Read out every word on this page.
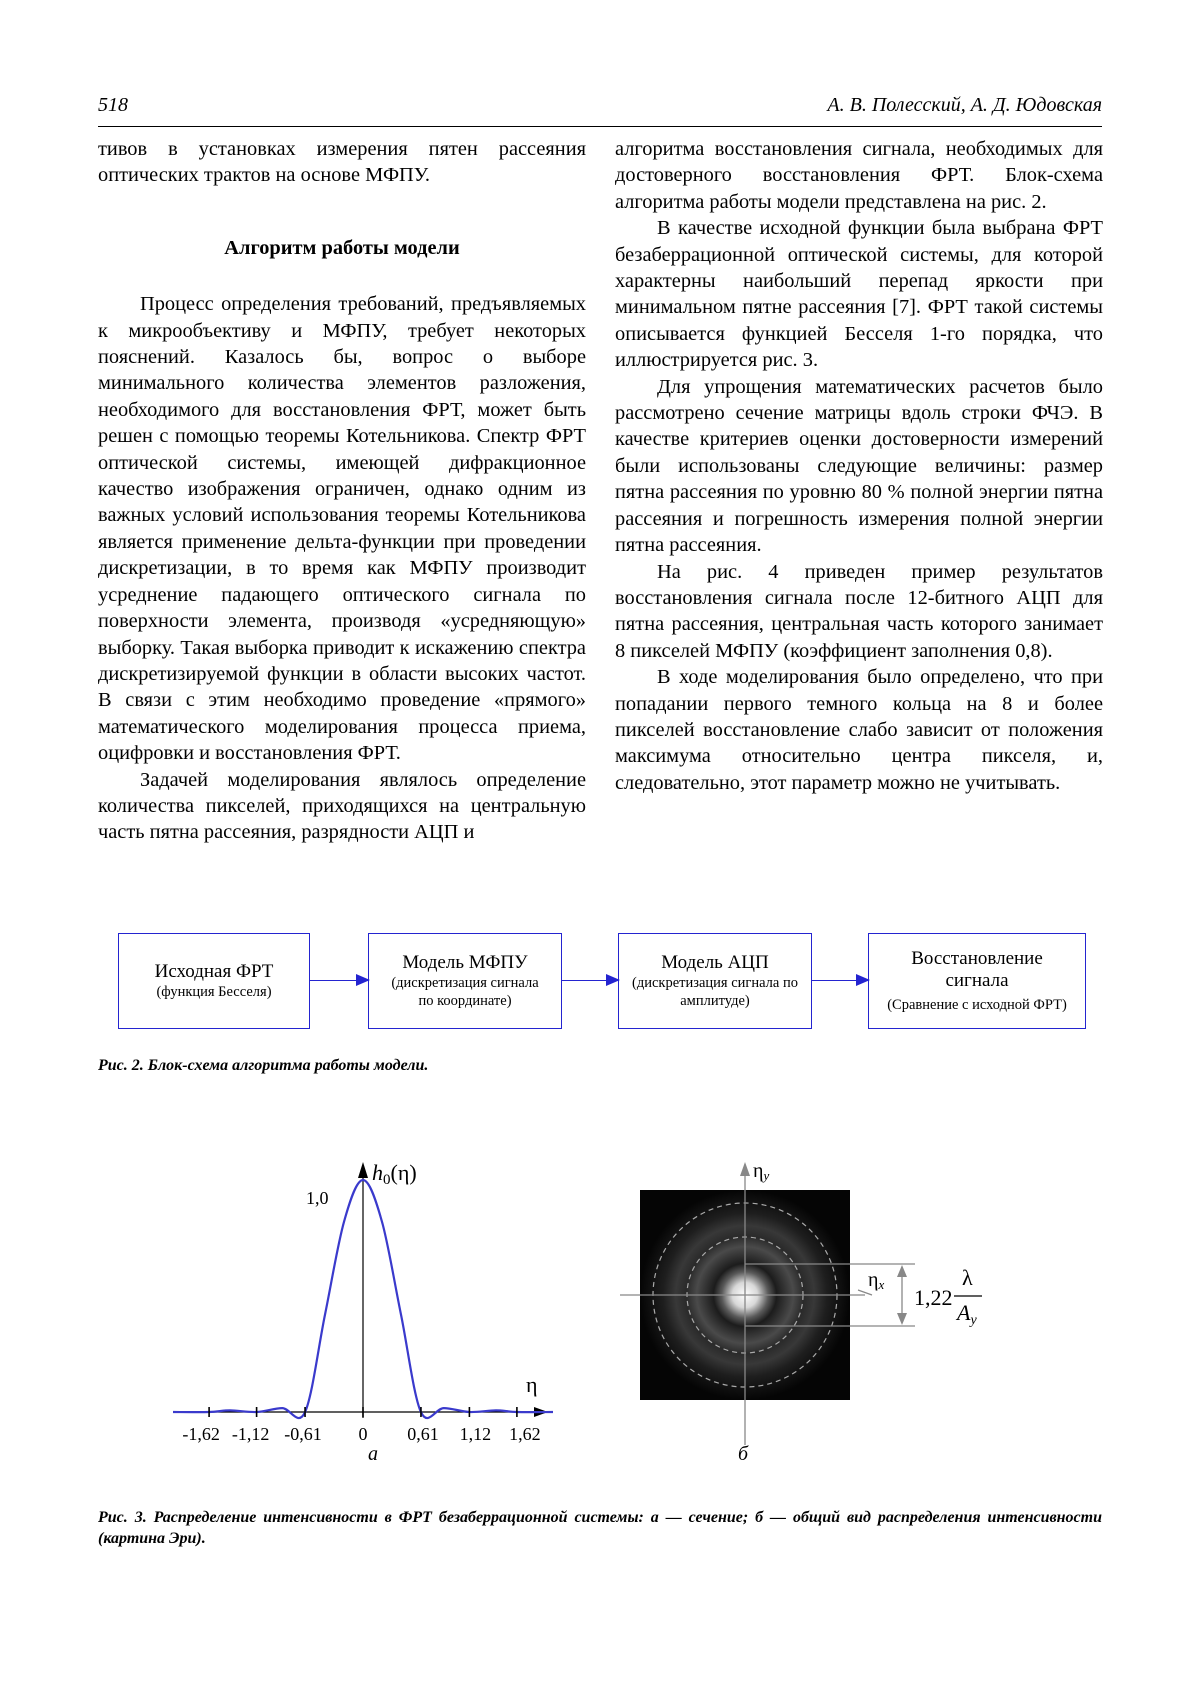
518	А. В. Полесский, А. Д. Юдовская

тивов в установках измерения пятен рассеяния оптических трактов на основе МФПУ.

Алгоритм работы модели

Процесс определения требований, предъявляемых к микрообъективу и МФПУ, требует некоторых пояснений. Казалось бы, вопрос о выборе минимального количества элементов разложения, необходимого для восстановления ФРТ, может быть решен с помощью теоремы Котельникова. Спектр ФРТ оптической системы, имеющей дифракционное качество изображения ограничен, однако одним из важных условий использования теоремы Котельникова является применение дельта-функции при проведении дискретизации, в то время как МФПУ производит усреднение падающего оптического сигнала по поверхности элемента, производя «усредняющую» выборку. Такая выборка приводит к искажению спектра дискретизируемой функции в области высоких частот. В связи с этим необходимо проведение «прямого» математического моделирования процесса приема, оцифровки и восстановления ФРТ.

Задачей моделирования являлось определение количества пикселей, приходящихся на центральную часть пятна рассеяния, разрядности АЦП и

алгоритма восстановления сигнала, необходимых для достоверного восстановления ФРТ. Блок-схема алгоритма работы модели представлена на рис. 2.

В качестве исходной функции была выбрана ФРТ безаберрационной оптической системы, для которой характерны наибольший перепад яркости при минимальном пятне рассеяния [7]. ФРТ такой системы описывается функцией Бесселя 1-го порядка, что иллюстрируется рис. 3.

Для упрощения математических расчетов было рассмотрено сечение матрицы вдоль строки ФЧЭ. В качестве критериев оценки достоверности измерений были использованы следующие величины: размер пятна рассеяния по уровню 80 % полной энергии пятна рассеяния и погрешность измерения полной энергии пятна рассеяния.

На рис. 4 приведен пример результатов восстановления сигнала после 12-битного АЦП для пятна рассеяния, центральная часть которого занимает 8 пикселей МФПУ (коэффициент заполнения 0,8).

В ходе моделирования было определено, что при попадании первого темного кольца на 8 и более пикселей восстановление слабо зависит от положения максимума относительно центра пикселя, и, следовательно, этот параметр можно не учитывать.

Исходная ФРТ
(функция Бесселя)
Модель МФПУ
(дискретизация сигнала по координате)
Модель АЦП
(дискретизация сигнала по амплитуде)
Восстановление сигнала
(Сравнение с исходной ФРТ)
Рис. 2. Блок-схема алгоритма работы модели.
-1,62 -1,12 -0,61 0 0,61 1,12 1,62
h0(η)
1,0
η
а
ηy
ηx
1,22
λ
Ay
б
Рис. 3. Распределение интенсивности в ФРТ безаберрационной системы: а — сечение; б — общий вид распределения интенсивности (картина Эри).
